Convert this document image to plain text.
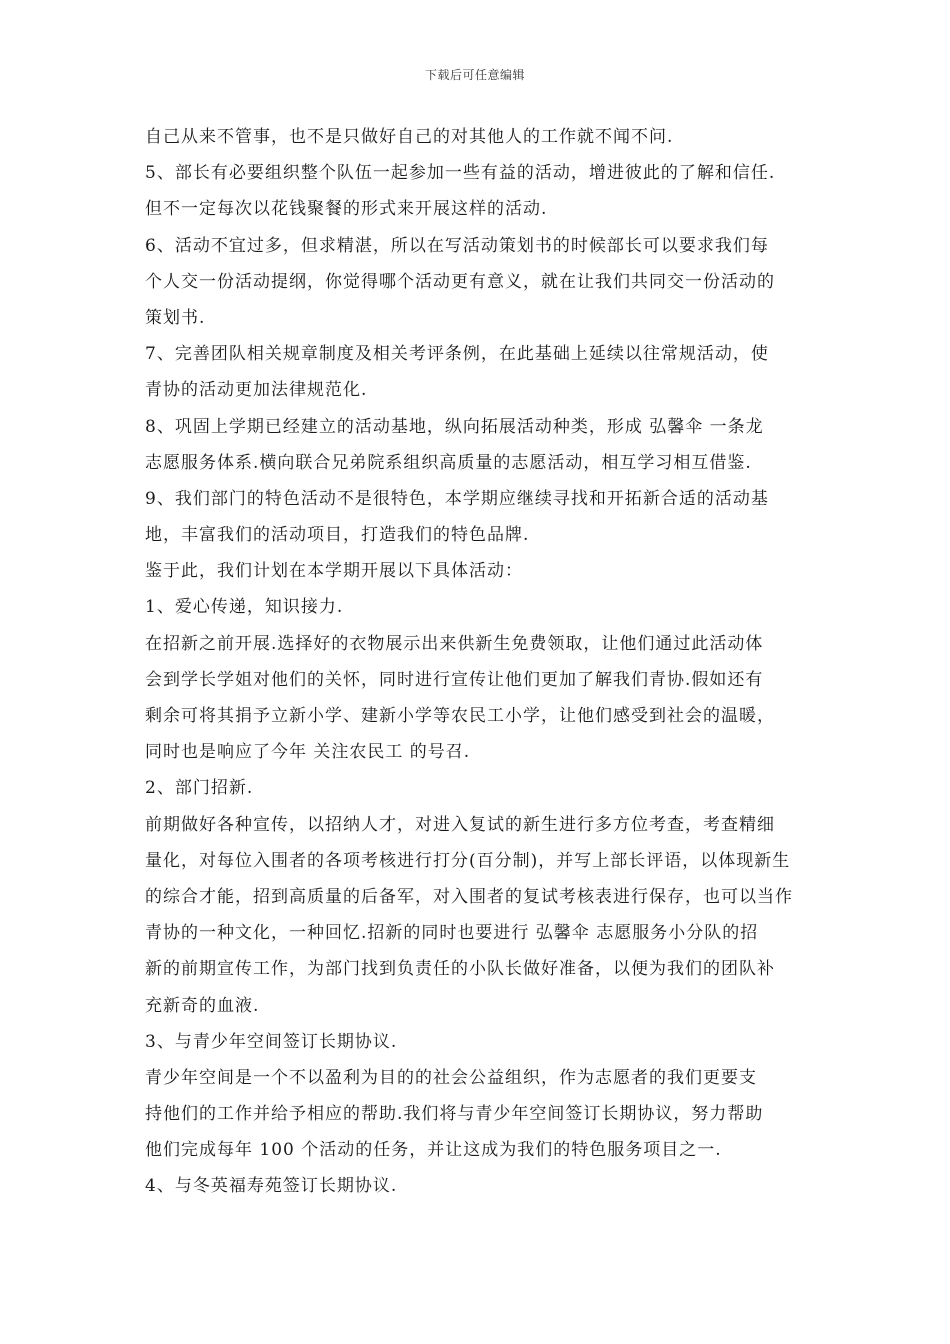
下载后可任意编辑
自己从来不管事，也不是只做好自己的对其他人的工作就不闻不问.
5、部长有必要组织整个队伍一起参加一些有益的活动，增进彼此的了解和信任.
但不一定每次以花钱聚餐的形式来开展这样的活动.
6、活动不宜过多，但求精湛，所以在写活动策划书的时候部长可以要求我们每
个人交一份活动提纲，你觉得哪个活动更有意义，就在让我们共同交一份活动的
策划书.
7、完善团队相关规章制度及相关考评条例，在此基础上延续以往常规活动，使
青协的活动更加法律规范化.
8、巩固上学期已经建立的活动基地，纵向拓展活动种类，形成 弘馨伞 一条龙
志愿服务体系.横向联合兄弟院系组织高质量的志愿活动，相互学习相互借鉴.
9、我们部门的特色活动不是很特色，本学期应继续寻找和开拓新合适的活动基
地，丰富我们的活动项目，打造我们的特色品牌.
鉴于此，我们计划在本学期开展以下具体活动：
1、爱心传递，知识接力.
在招新之前开展.选择好的衣物展示出来供新生免费领取，让他们通过此活动体
会到学长学姐对他们的关怀，同时进行宣传让他们更加了解我们青协.假如还有
剩余可将其捐予立新小学、建新小学等农民工小学，让他们感受到社会的温暖，
同时也是响应了今年 关注农民工 的号召.
2、部门招新.
前期做好各种宣传，以招纳人才，对进入复试的新生进行多方位考查，考查精细
量化，对每位入围者的各项考核进行打分(百分制)，并写上部长评语，以体现新生
的综合才能，招到高质量的后备军，对入围者的复试考核表进行保存，也可以当作
青协的一种文化，一种回忆.招新的同时也要进行 弘馨伞 志愿服务小分队的招
新的前期宣传工作，为部门找到负责任的小队长做好准备，以便为我们的团队补
充新奇的血液.
3、与青少年空间签订长期协议.
青少年空间是一个不以盈利为目的的社会公益组织，作为志愿者的我们更要支
持他们的工作并给予相应的帮助.我们将与青少年空间签订长期协议，努力帮助
他们完成每年 100 个活动的任务，并让这成为我们的特色服务项目之一.
4、与冬英福寿苑签订长期协议.
